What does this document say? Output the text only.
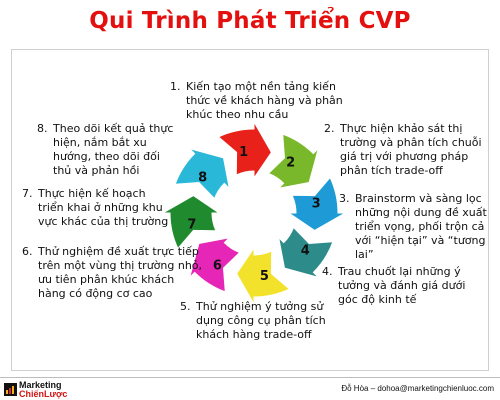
Qui Trình Phát Triển CVP
1
2
3
4
5
6
7
8
1. Kiến tạo một nền tảng kiến thức về khách hàng và phân khúc theo nhu cầu
2. Thực hiện khảo sát thị trường và phân tích chuỗi giá trị với phương pháp phân tích trade-off
3. Brainstorm và sàng lọc những nội dung đề xuất triển vọng, phối trộn cả với “hiện tại” và “tương lai”
4. Trau chuốt lại những ý tưởng và đánh giá dưới góc độ kinh tế
5. Thử nghiệm ý tưởng sử dụng công cụ phân tích khách hàng trade-off
6. Thử nghiệm đề xuất trực tiếp trên một vùng thị trường nhỏ, ưu tiên phân khúc khách hàng có động cơ cao
7. Thực hiện kế hoạch triển khai ở những khu vực khác của thị trường
8. Theo dõi kết quả thực hiện, nắm bắt xu hướng, theo dõi đối thủ và phản hồi
Marketing
ChiếnLược
Đỗ Hòa – dohoa@marketingchienluoc.com
